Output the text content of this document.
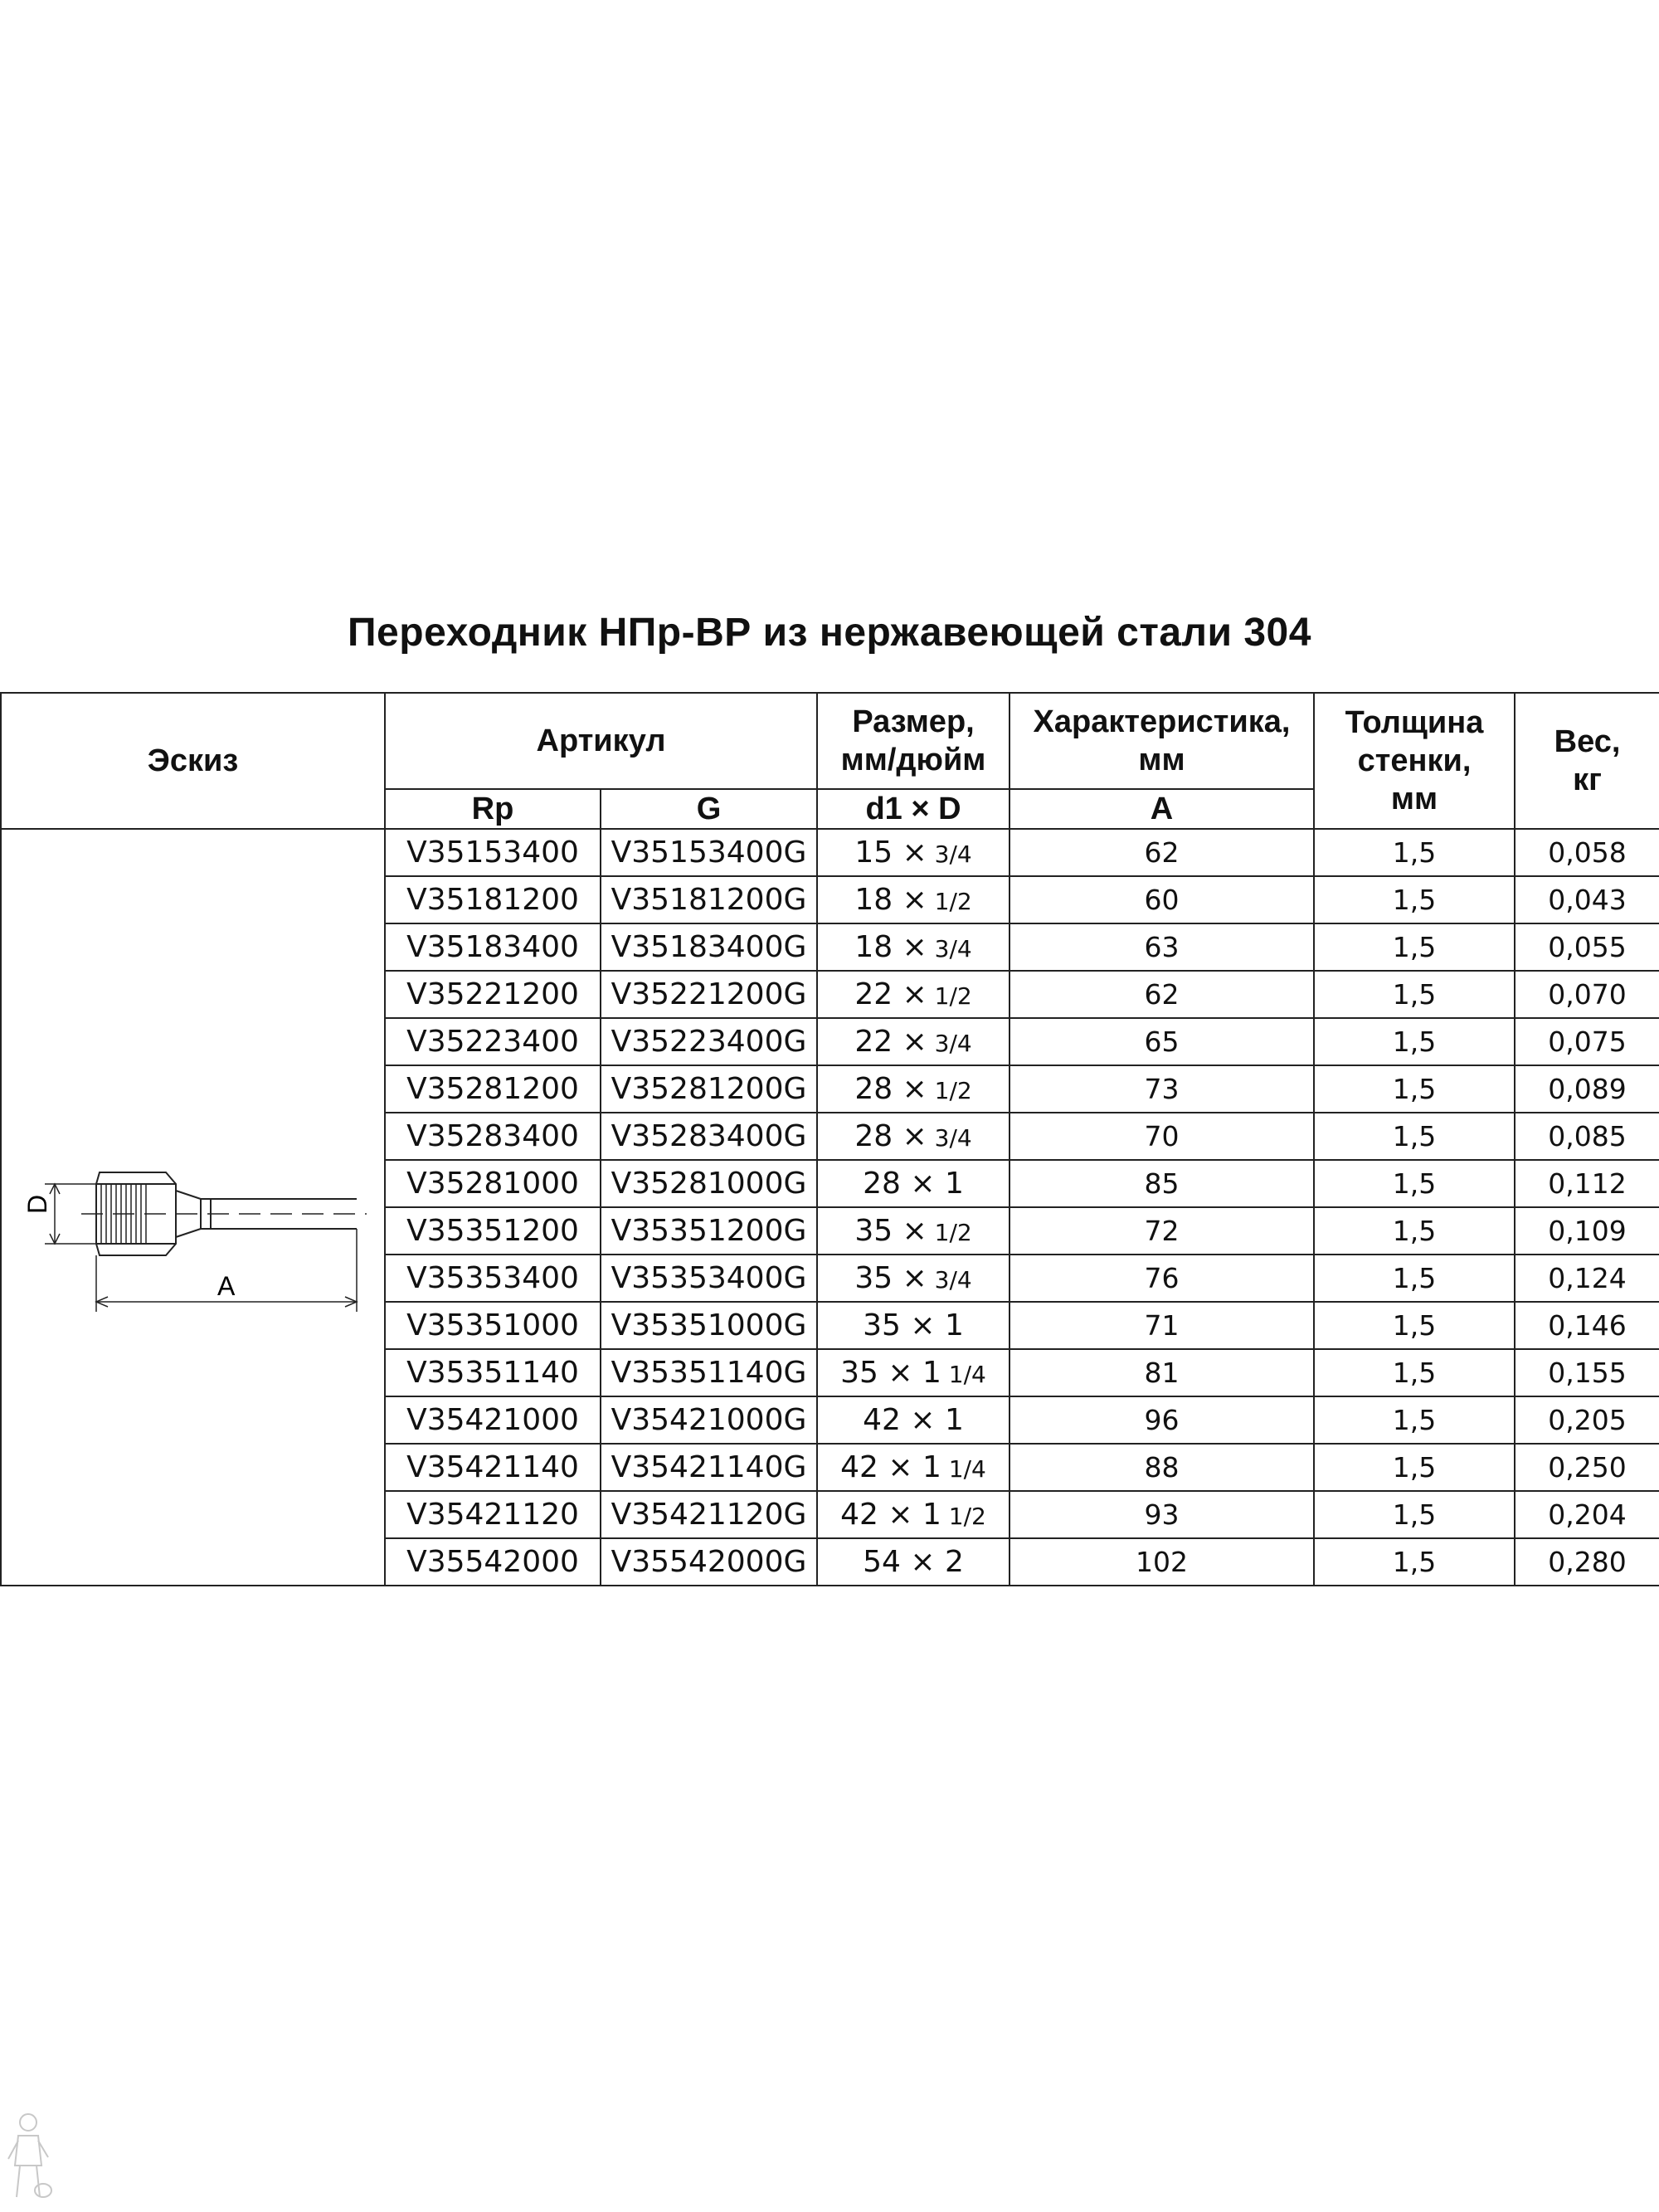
Переходник НПр-ВР из нержавеющей стали 304
Эскиз	Артикул		Размер, мм/дюйм	Характеристика, мм	Толщина стенки, мм	Вес, кг
	Rp	G	d1 × D	A		

D
A	V35153400	V35153400G	15 × 3/4	62	1,5	0,058
	V35181200	V35181200G	18 × 1/2	60	1,5	0,043
	V35183400	V35183400G	18 × 3/4	63	1,5	0,055
	V35221200	V35221200G	22 × 1/2	62	1,5	0,070
	V35223400	V35223400G	22 × 3/4	65	1,5	0,075
	V35281200	V35281200G	28 × 1/2	73	1,5	0,089
	V35283400	V35283400G	28 × 3/4	70	1,5	0,085
	V35281000	V35281000G	28 × 1	85	1,5	0,112
	V35351200	V35351200G	35 × 1/2	72	1,5	0,109
	V35353400	V35353400G	35 × 3/4	76	1,5	0,124
	V35351000	V35351000G	35 × 1	71	1,5	0,146
	V35351140	V35351140G	35 × 1 1/4	81	1,5	0,155
	V35421000	V35421000G	42 × 1	96	1,5	0,205
	V35421140	V35421140G	42 × 1 1/4	88	1,5	0,250
	V35421120	V35421120G	42 × 1 1/2	93	1,5	0,204
	V35542000	V35542000G	54 × 2	102	1,5	0,280
